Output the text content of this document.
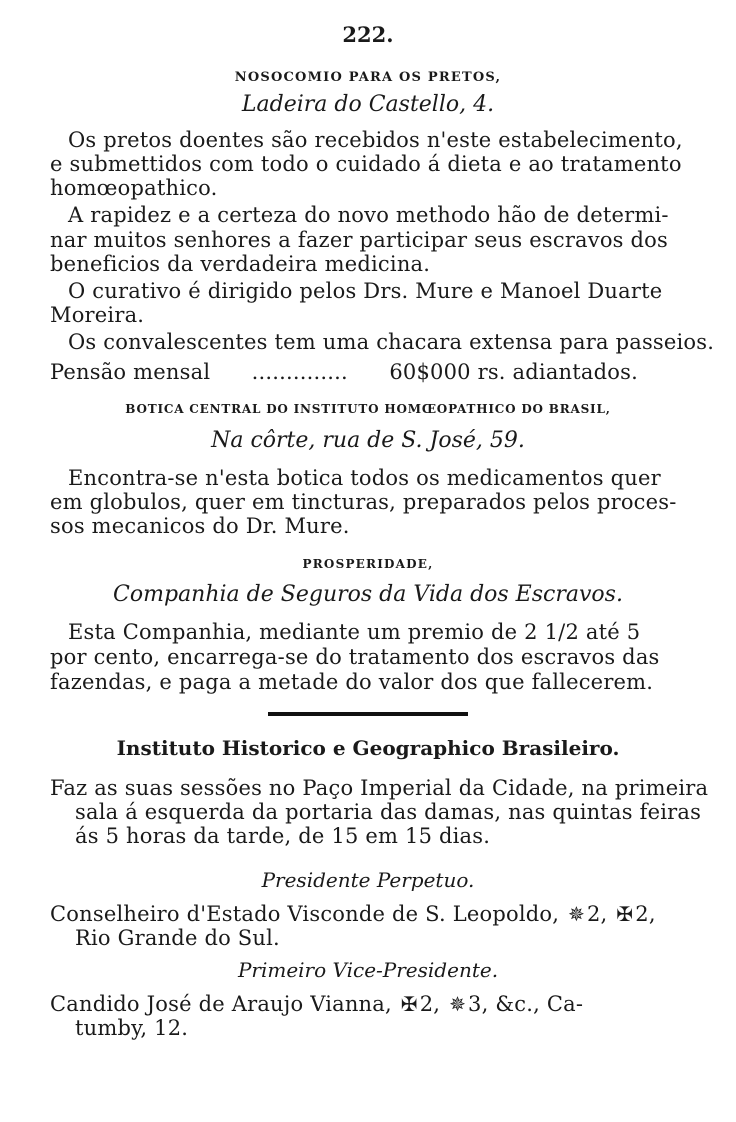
222.
NOSOCOMIO PARA OS PRETOS,
Ladeira do Castello, 4.
Os pretos doentes são recebidos n'este estabelecimento,
e submettidos com todo o cuidado á dieta e ao tratamento
homœopathico.
A rapidez e a certeza do novo methodo hão de determi-
nar muitos senhores a fazer participar seus escravos dos
beneficios da verdadeira medicina.
O curativo é dirigido pelos Drs. Mure e Manoel Duarte
Moreira.
Os convalescentes tem uma chacara extensa para passeios.
Pensão mensal .............. 60$000 rs. adiantados.
BOTICA CENTRAL DO INSTITUTO HOMŒOPATHICO DO BRASIL,
Na côrte, rua de S. José, 59.
Encontra-se n'esta botica todos os medicamentos quer
em globulos, quer em tincturas, preparados pelos proces-
sos mecanicos do Dr. Mure.
PROSPERIDADE,
Companhia de Seguros da Vida dos Escravos.
Esta Companhia, mediante um premio de 2 1/2 até 5
por cento, encarrega-se do tratamento dos escravos das
fazendas, e paga a metade do valor dos que fallecerem.
Instituto Historico e Geographico Brasileiro.
Faz as suas sessões no Paço Imperial da Cidade, na primeira
sala á esquerda da portaria das damas, nas quintas feiras
ás 5 horas da tarde, de 15 em 15 dias.
Presidente Perpetuo.
Conselheiro d'Estado Visconde de S. Leopoldo, ✵2, ✠2,
Rio Grande do Sul.
Primeiro Vice-Presidente.
Candido José de Araujo Vianna, ✠2, ✵3, &c., Ca-
tumby, 12.
